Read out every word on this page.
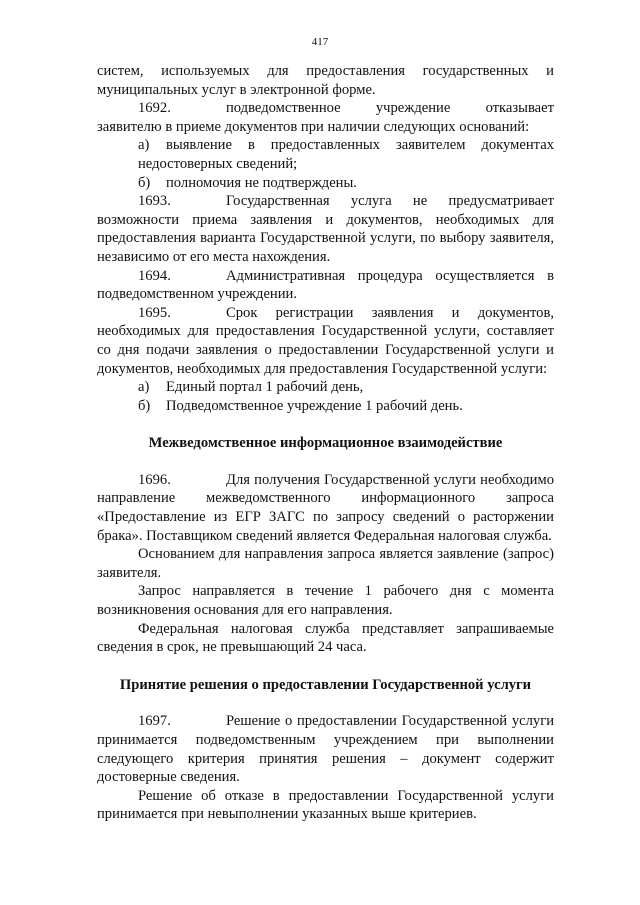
417

систем, используемых для предоставления государственных и муниципальных услуг в электронной форме.

1692.	подведомственное учреждение отказывает заявителю в приеме документов при наличии следующих оснований:

а) выявление в предоставленных заявителем документах недостоверных сведений;

б) полномочия не подтверждены.

1693.	Государственная услуга не предусматривает возможности приема заявления и документов, необходимых для предоставления варианта Государственной услуги, по выбору заявителя, независимо от его места нахождения.

1694.	Административная процедура осуществляется в подведомственном учреждении.

1695.	Срок регистрации заявления и документов, необходимых для предоставления Государственной услуги, составляет со дня подачи заявления о предоставлении Государственной услуги и документов, необходимых для предоставления Государственной услуги:

а) Единый портал 1 рабочий день,

б) Подведомственное учреждение 1 рабочий день.

Межведомственное информационное взаимодействие

1696.	Для получения Государственной услуги необходимо направление межведомственного информационного запроса «Предоставление из ЕГР ЗАГС по запросу сведений о расторжении брака». Поставщиком сведений является Федеральная налоговая служба.

Основанием для направления запроса является заявление (запрос) заявителя.

Запрос направляется в течение 1 рабочего дня с момента возникновения основания для его направления.

Федеральная налоговая служба представляет запрашиваемые сведения в срок, не превышающий 24 часа.

Принятие решения о предоставлении Государственной услуги

1697.	Решение о предоставлении Государственной услуги принимается подведомственным учреждением при выполнении следующего критерия принятия решения – документ содержит достоверные сведения.

Решение об отказе в предоставлении Государственной услуги принимается при невыполнении указанных выше критериев.
